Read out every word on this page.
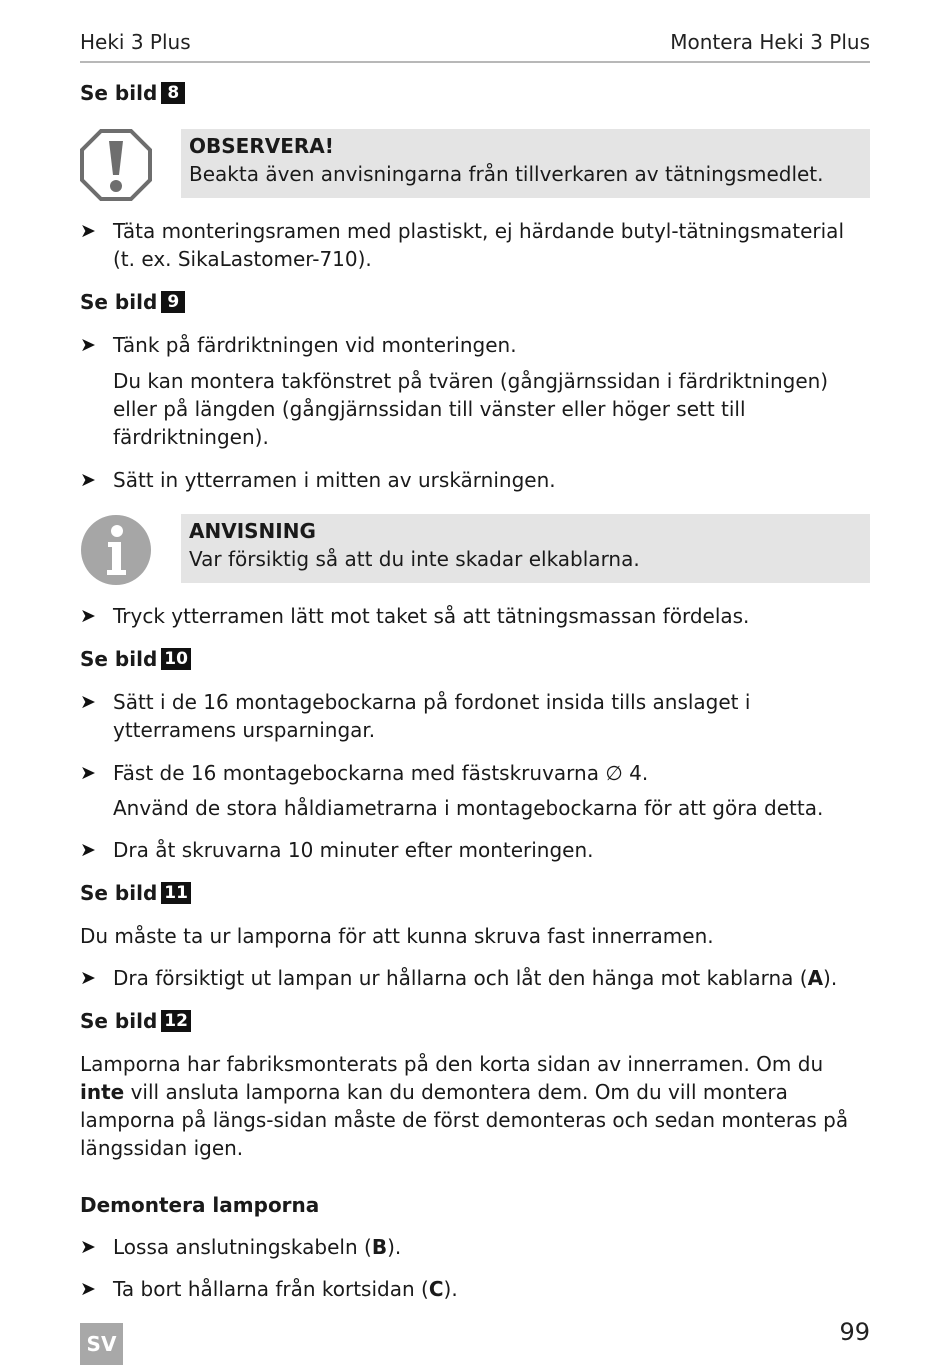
Heki 3 Plus	Montera Heki 3 Plus
Se bild 8
OBSERVERA!
Beakta även anvisningarna från tillverkaren av tätningsmedlet.
➤ Täta monteringsramen med plastiskt, ej härdande butyl-tätningsmaterial (t. ex. SikaLastomer-710).
Se bild 9
➤ Tänk på färdriktningen vid monteringen.
Du kan montera takfönstret på tvären (gångjärnssidan i färdriktningen) eller på längden (gångjärnssidan till vänster eller höger sett till färdriktningen).
➤ Sätt in ytterramen i mitten av urskärningen.
ANVISNING
Var försiktig så att du inte skadar elkablarna.
➤ Tryck ytterramen lätt mot taket så att tätningsmassan fördelas.
Se bild 10
➤ Sätt i de 16 montagebockarna på fordonet insida tills anslaget i ytterramens ursparningar.
➤ Fäst de 16 montagebockarna med fästskruvarna ∅ 4.
Använd de stora håldiametrarna i montagebockarna för att göra detta.
➤ Dra åt skruvarna 10 minuter efter monteringen.
Se bild 11
Du måste ta ur lamporna för att kunna skruva fast innerramen.
➤ Dra försiktigt ut lampan ur hållarna och låt den hänga mot kablarna (A).
Se bild 12
Lamporna har fabriksmonterats på den korta sidan av innerramen. Om du inte vill ansluta lamporna kan du demontera dem. Om du vill montera lamporna på längs-sidan måste de först demonteras och sedan monteras på längssidan igen.
Demontera lamporna
➤ Lossa anslutningskabeln (B).
➤ Ta bort hållarna från kortsidan (C).
SV	99
